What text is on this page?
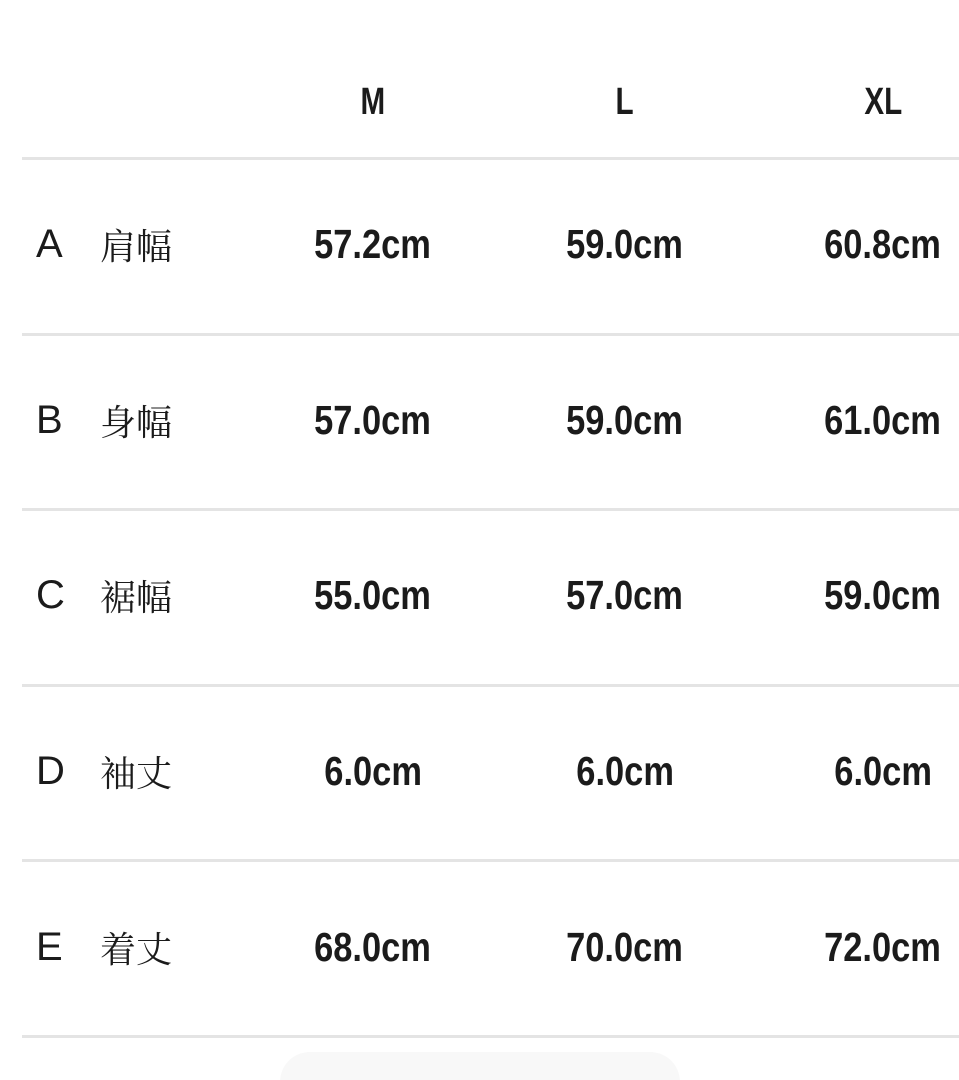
M	L	XL
A	肩幅	57.2cm	59.0cm	60.8cm
B	身幅	57.0cm	59.0cm	61.0cm
C 裾幅	55.0cm	57.0cm	59.0cm
D 袖丈	6.0cm	6.0cm	6.0cm
E	着丈	68.0cm	70.0cm	72.0cm
